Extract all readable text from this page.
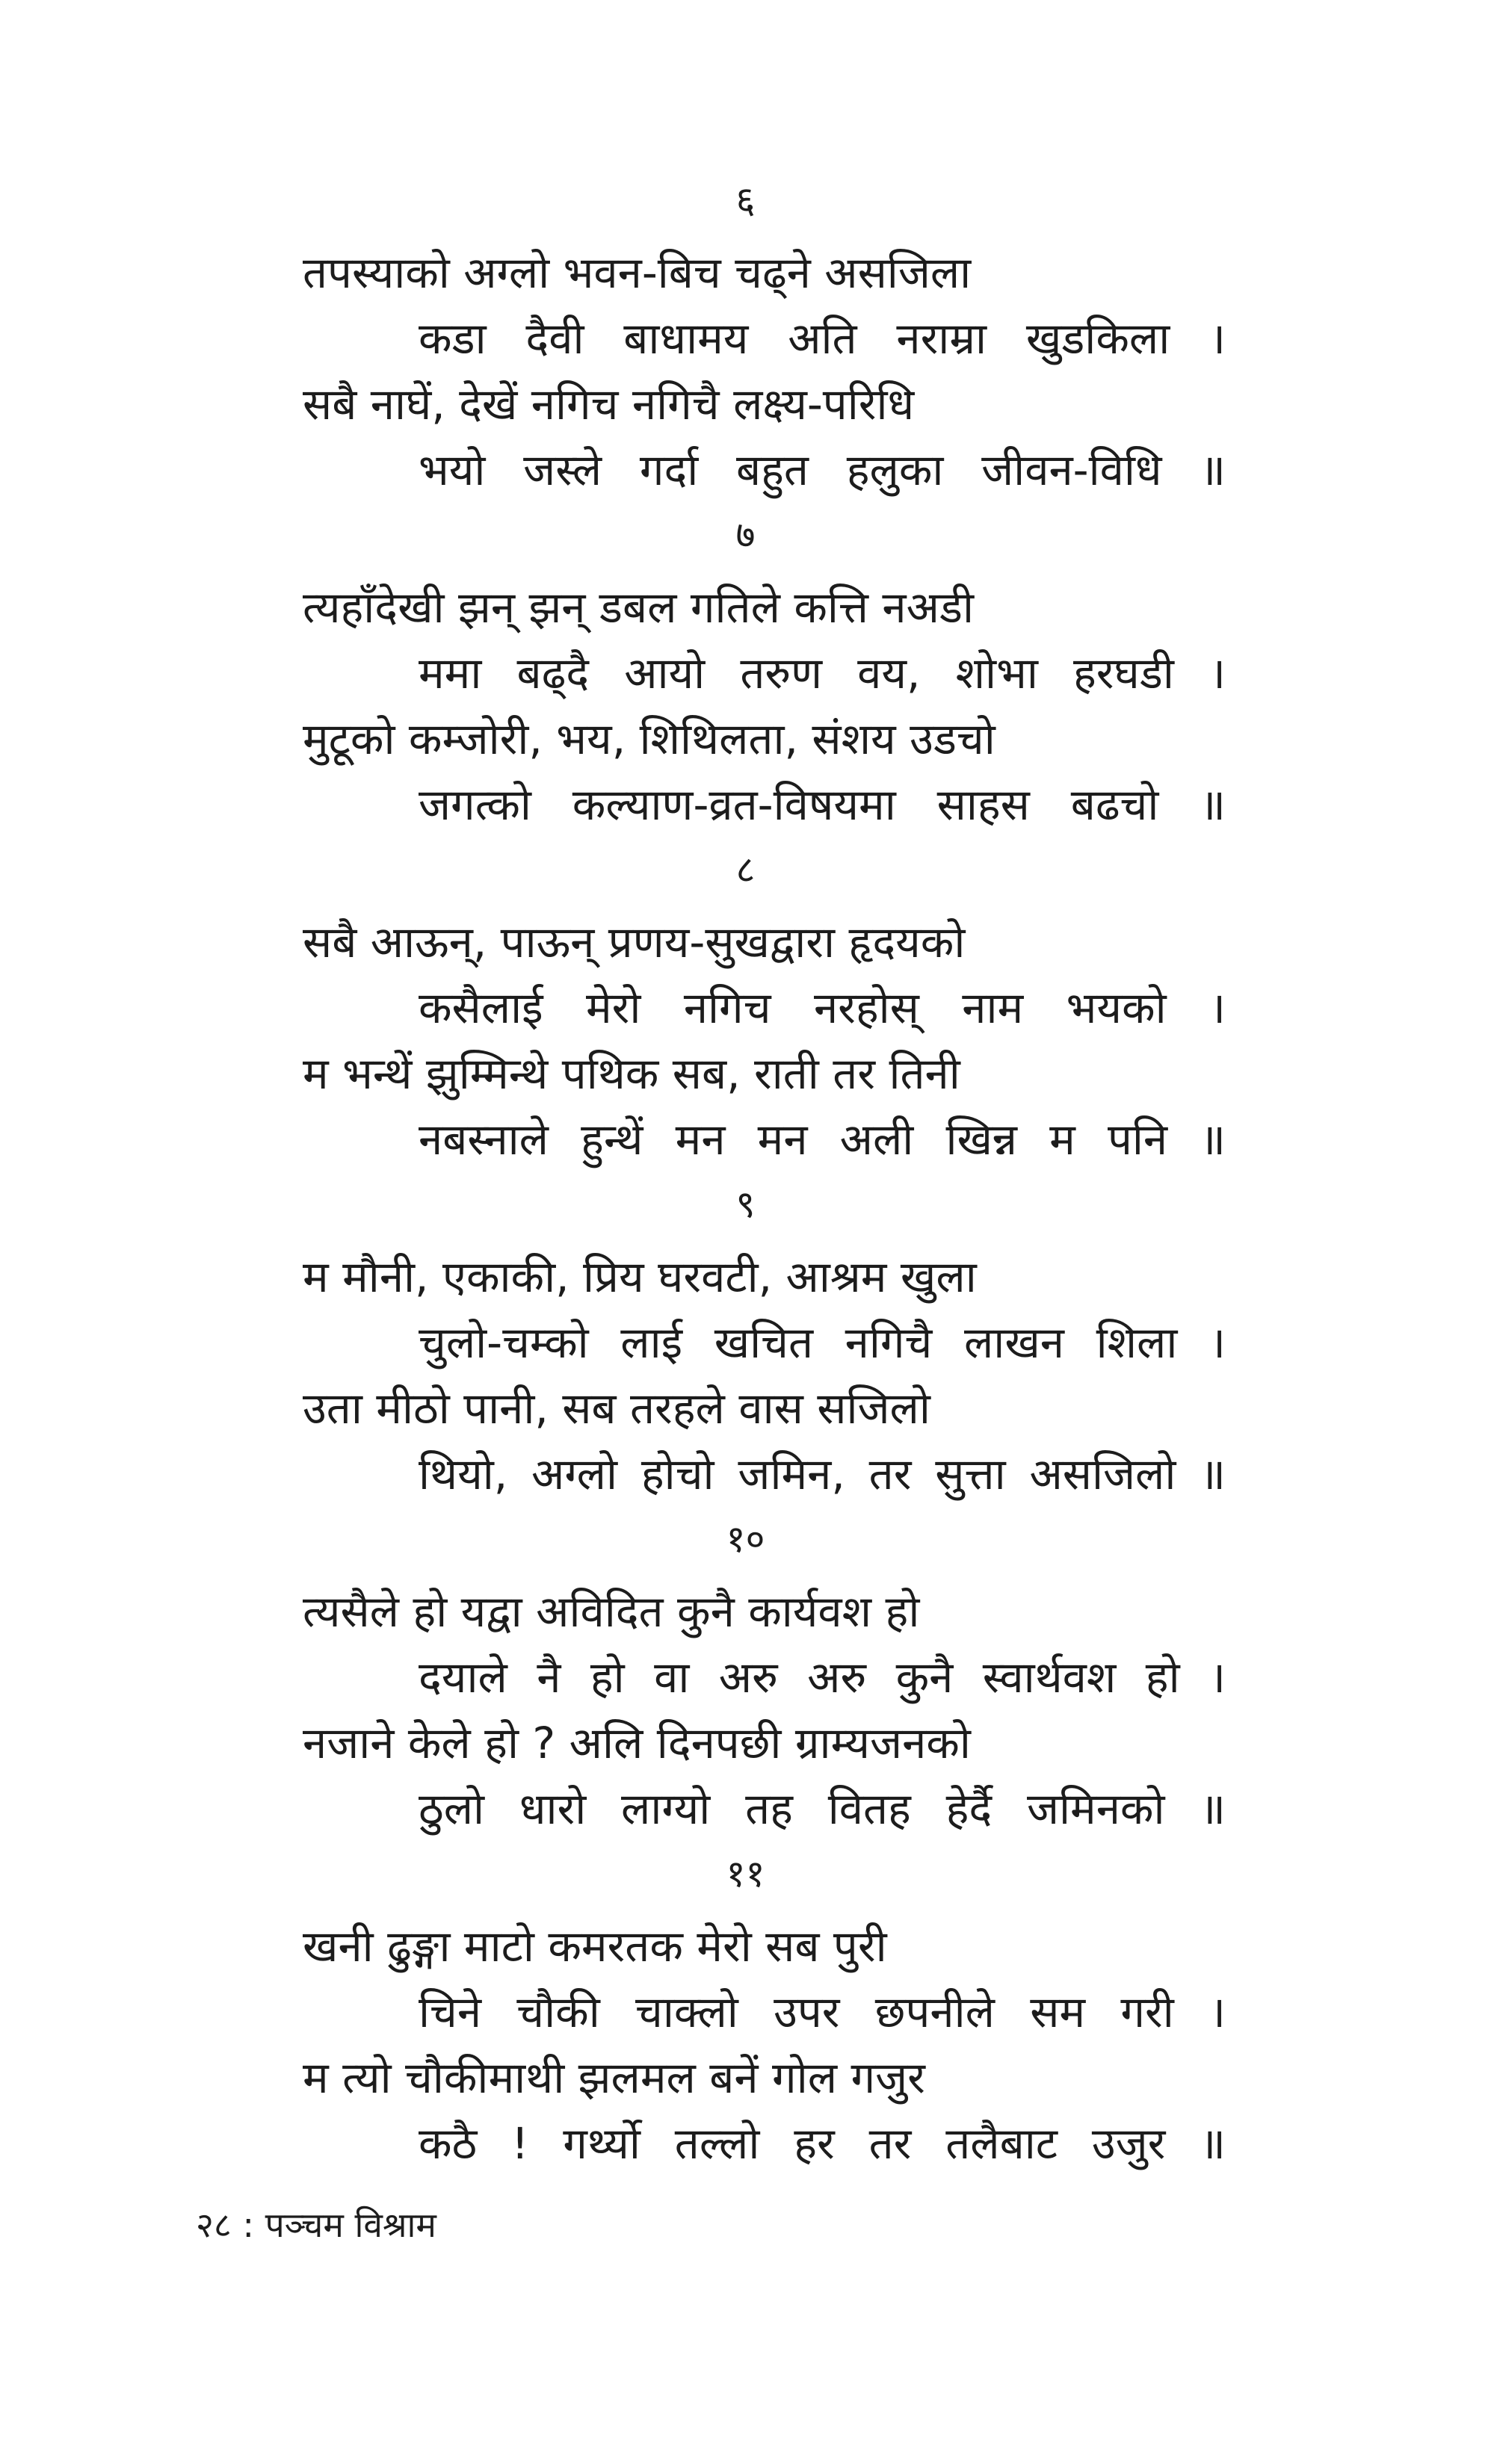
६
तपस्याको अग्लो भवन-बिच चढ्ने असजिला
कडा दैवी बाधामय अति नराम्रा खुडकिला ।
सबै नाघें, देखें नगिच नगिचै लक्ष्य-परिधि
भयो जस्ले गर्दा बहुत हलुका जीवन-विधि ॥
७
त्यहाँदेखी झन् झन् डबल गतिले कत्ति नअडी
ममा बढ्दै आयो तरुण वय, शोभा हरघडी ।
मुटूको कम्जोरी, भय, शिथिलता, संशय उडचो
जगत्को कल्याण-व्रत-विषयमा साहस बढचो ॥
८
सबै आऊन्, पाऊन् प्रणय-सुखद्वारा हृदयको
कसैलाई मेरो नगिच नरहोस् नाम भयको ।
म भन्थें झुम्मिन्थे पथिक सब, राती तर तिनी
नबस्नाले हुन्थें मन मन अली खिन्न म पनि ॥
९
म मौनी, एकाकी, प्रिय घरवटी, आश्रम खुला
चुलो-चम्को लाई खचित नगिचै लाखन शिला ।
उता मीठो पानी, सब तरहले वास सजिलो
थियो, अग्लो होचो जमिन, तर सुत्ता असजिलो ॥
१०
त्यसैले हो यद्वा अविदित कुनै कार्यवश हो
दयाले नै हो वा अरु अरु कुनै स्वार्थवश हो ।
नजाने केले हो ? अलि दिनपछी ग्राम्यजनको
ठुलो धारो लाग्यो तह वितह हेर्दै जमिनको ॥
११
खनी ढुङ्गा माटो कमरतक मेरो सब पुरी
चिने चौकी चाक्लो उपर छपनीले सम गरी ।
म त्यो चौकीमाथी झलमल बनें गोल गजुर
कठै ! गर्थ्यो तल्लो हर तर तलैबाट उजुर ॥
२८ : पञ्चम विश्राम
